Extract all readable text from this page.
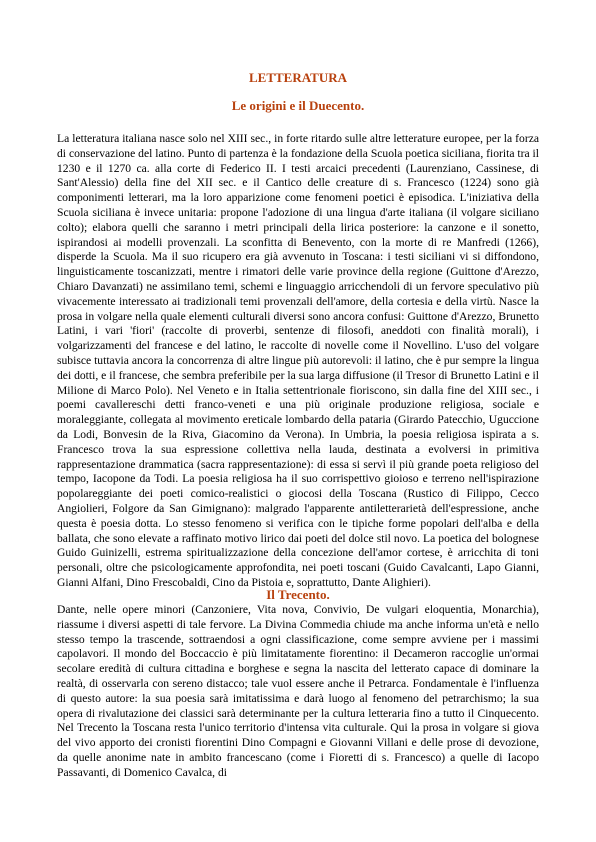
LETTERATURA
Le origini e il Duecento.

La letteratura italiana nasce solo nel XIII sec., in forte ritardo sulle altre letterature europee, per la forza di conservazione del latino. Punto di partenza è la fondazione della Scuola poetica siciliana, fiorita tra il 1230 e il 1270 ca. alla corte di Federico II. I testi arcaici precedenti (Laurenziano, Cassinese, di Sant'Alessio) della fine del XII sec. e il Cantico delle creature di s. Francesco (1224) sono già componimenti letterari, ma la loro apparizione come fenomeni poetici è episodica. L'iniziativa della Scuola siciliana è invece unitaria: propone l'adozione di una lingua d'arte italiana (il volgare siciliano colto); elabora quelli che saranno i metri principali della lirica posteriore: la canzone e il sonetto, ispirandosi ai modelli provenzali. La sconfitta di Benevento, con la morte di re Manfredi (1266), disperde la Scuola. Ma il suo ricupero era già avvenuto in Toscana: i testi siciliani vi si diffondono, linguisticamente toscanizzati, mentre i rimatori delle varie province della regione (Guittone d'Arezzo, Chiaro Davanzati) ne assimilano temi, schemi e linguaggio arricchendoli di un fervore speculativo più vivacemente interessato ai tradizionali temi provenzali dell'amore, della cortesia e della virtù. Nasce la prosa in volgare nella quale elementi culturali diversi sono ancora confusi: Guittone d'Arezzo, Brunetto Latini, i vari 'fiori' (raccolte di proverbi, sentenze di filosofi, aneddoti con finalità morali), i volgarizzamenti del francese e del latino, le raccolte di novelle come il Novellino. L'uso del volgare subisce tuttavia ancora la concorrenza di altre lingue più autorevoli: il latino, che è pur sempre la lingua dei dotti, e il francese, che sembra preferibile per la sua larga diffusione (il Tresor di Brunetto Latini e il Milione di Marco Polo). Nel Veneto e in Italia settentrionale fioriscono, sin dalla fine del XIII sec., i poemi cavallereschi detti franco-veneti e una più originale produzione religiosa, sociale e moraleggiante, collegata al movimento ereticale lombardo della pataria (Girardo Patecchio, Uguccione da Lodi, Bonvesin de la Riva, Giacomino da Verona). In Umbria, la poesia religiosa ispirata a s. Francesco trova la sua espressione collettiva nella lauda, destinata a evolversi in primitiva rappresentazione drammatica (sacra rappresentazione): di essa si servì il più grande poeta religioso del tempo, Iacopone da Todi. La poesia religiosa ha il suo corrispettivo gioioso e terreno nell'ispirazione popolareggiante dei poeti comico-realistici o giocosi della Toscana (Rustico di Filippo, Cecco Angiolieri, Folgore da San Gimignano): malgrado l'apparente antiletterarietà dell'espressione, anche questa è poesia dotta. Lo stesso fenomeno si verifica con le tipiche forme popolari dell'alba e della ballata, che sono elevate a raffinato motivo lirico dai poeti del dolce stil novo. La poetica del bolognese Guido Guinizelli, estrema spiritualizzazione della concezione dell'amor cortese, è arricchita di toni personali, oltre che psicologicamente approfondita, nei poeti toscani (Guido Cavalcanti, Lapo Gianni, Gianni Alfani, Dino Frescobaldi, Cino da Pistoia e, soprattutto, Dante Alighieri).

Il Trecento.

Dante, nelle opere minori (Canzoniere, Vita nova, Convivio, De vulgari eloquentia, Monarchia), riassume i diversi aspetti di tale fervore. La Divina Commedia chiude ma anche informa un'età e nello stesso tempo la trascende, sottraendosi a ogni classificazione, come sempre avviene per i massimi capolavori. Il mondo del Boccaccio è più limitatamente fiorentino: il Decameron raccoglie un'ormai secolare eredità di cultura cittadina e borghese e segna la nascita del letterato capace di dominare la realtà, di osservarla con sereno distacco; tale vuol essere anche il Petrarca. Fondamentale è l'influenza di questo autore: la sua poesia sarà imitatissima e darà luogo al fenomeno del petrarchismo; la sua opera di rivalutazione dei classici sarà determinante per la cultura letteraria fino a tutto il Cinquecento. Nel Trecento la Toscana resta l'unico territorio d'intensa vita culturale. Qui la prosa in volgare si giova del vivo apporto dei cronisti fiorentini Dino Compagni e Giovanni Villani e delle prose di devozione, da quelle anonime nate in ambito francescano (come i Fioretti di s. Francesco) a quelle di Iacopo Passavanti, di Domenico Cavalca, di
